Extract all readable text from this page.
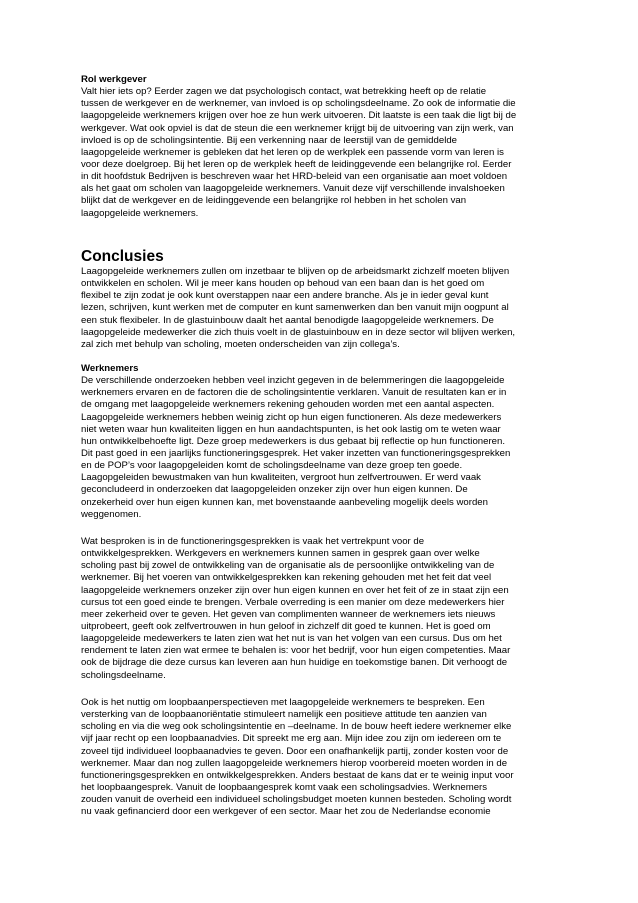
Rol werkgever
Valt hier iets op? Eerder zagen we dat psychologisch contact, wat betrekking heeft op de relatie
tussen de werkgever en de werknemer, van invloed is op scholingsdeelname. Zo ook de informatie die
laagopgeleide werknemers krijgen over hoe ze hun werk uitvoeren. Dit laatste is een taak die ligt bij de
werkgever. Wat ook opviel is dat de steun die een werknemer krijgt bij de uitvoering van zijn werk, van
invloed is op de scholingsintentie. Bij een verkenning naar de leerstijl van de gemiddelde
laagopgeleide werknemer is gebleken dat het leren op de werkplek een passende vorm van leren is
voor deze doelgroep. Bij het leren op de werkplek heeft de leidinggevende een belangrijke rol. Eerder
in dit hoofdstuk Bedrijven is beschreven waar het HRD-beleid van een organisatie aan moet voldoen
als het gaat om scholen van laagopgeleide werknemers. Vanuit deze vijf verschillende invalshoeken
blijkt dat de werkgever en de leidinggevende een belangrijke rol hebben in het scholen van
laagopgeleide werknemers.
Conclusies
Laagopgeleide werknemers zullen om inzetbaar te blijven op de arbeidsmarkt zichzelf moeten blijven
ontwikkelen en scholen. Wil je meer kans houden op behoud van een baan dan is het goed om
flexibel te zijn zodat je ook kunt overstappen naar een andere branche. Als je in ieder geval kunt
lezen, schrijven, kunt werken met de computer en kunt samenwerken dan ben vanuit mijn oogpunt al
een stuk flexibeler. In de glastuinbouw daalt het aantal benodigde laagopgeleide werknemers. De
laagopgeleide medewerker die zich thuis voelt in de glastuinbouw en in deze sector wil blijven werken,
zal zich met behulp van scholing, moeten onderscheiden van zijn collega’s.
Werknemers
De verschillende onderzoeken hebben veel inzicht gegeven in de belemmeringen die laagopgeleide
werknemers ervaren en de factoren die de scholingsintentie verklaren. Vanuit de resultaten kan er in
de omgang met laagopgeleide werknemers rekening gehouden worden met een aantal aspecten.
Laagopgeleide werknemers hebben weinig zicht op hun eigen functioneren. Als deze medewerkers
niet weten waar hun kwaliteiten liggen en hun aandachtspunten, is het ook lastig om te weten waar
hun ontwikkelbehoefte ligt. Deze groep medewerkers is dus gebaat bij reflectie op hun functioneren.
Dit past goed in een jaarlijks functioneringsgesprek. Het vaker inzetten van functioneringsgesprekken
en de POP’s voor laagopgeleiden komt de scholingsdeelname van deze groep ten goede.
Laagopgeleiden bewustmaken van hun kwaliteiten, vergroot hun zelfvertrouwen. Er werd vaak
geconcludeerd in onderzoeken dat laagopgeleiden onzeker zijn over hun eigen kunnen. De
onzekerheid over hun eigen kunnen kan, met bovenstaande aanbeveling mogelijk deels worden
weggenomen.
Wat besproken is in de functioneringsgesprekken is vaak het vertrekpunt voor de
ontwikkelgesprekken. Werkgevers en werknemers kunnen samen in gesprek gaan over welke
scholing past bij zowel de ontwikkeling van de organisatie als de persoonlijke ontwikkeling van de
werknemer. Bij het voeren van ontwikkelgesprekken kan rekening gehouden met het feit dat veel
laagopgeleide werknemers onzeker zijn over hun eigen kunnen en over het feit of ze in staat zijn een
cursus tot een goed einde te brengen. Verbale overreding is een manier om deze medewerkers hier
meer zekerheid over te geven. Het geven van complimenten wanneer de werknemers iets nieuws
uitprobeert, geeft ook zelfvertrouwen in hun geloof in zichzelf dit goed te kunnen. Het is goed om
laagopgeleide medewerkers te laten zien wat het nut is van het volgen van een cursus. Dus om het
rendement te laten zien wat ermee te behalen is: voor het bedrijf, voor hun eigen competenties. Maar
ook de bijdrage die deze cursus kan leveren aan hun huidige en toekomstige banen. Dit verhoogt de
scholingsdeelname.
Ook is het nuttig om loopbaanperspectieven met laagopgeleide werknemers te bespreken. Een
versterking van de loopbaanoriëntatie stimuleert namelijk een positieve attitude ten aanzien van
scholing en via die weg ook scholingsintentie en –deelname. In de bouw heeft iedere werknemer elke
vijf jaar recht op een loopbaanadvies. Dit spreekt me erg aan. Mijn idee zou zijn om iedereen om te
zoveel tijd individueel loopbaanadvies te geven. Door een onafhankelijk partij, zonder kosten voor de
werknemer. Maar dan nog zullen laagopgeleide werknemers hierop voorbereid moeten worden in de
functioneringsgesprekken en ontwikkelgesprekken. Anders bestaat de kans dat er te weinig input voor
het loopbaangesprek. Vanuit de loopbaangesprek komt vaak een scholingsadvies. Werknemers
zouden vanuit de overheid een individueel scholingsbudget moeten kunnen besteden. Scholing wordt
nu vaak gefinancierd door een werkgever of een sector. Maar het zou de Nederlandse economie
